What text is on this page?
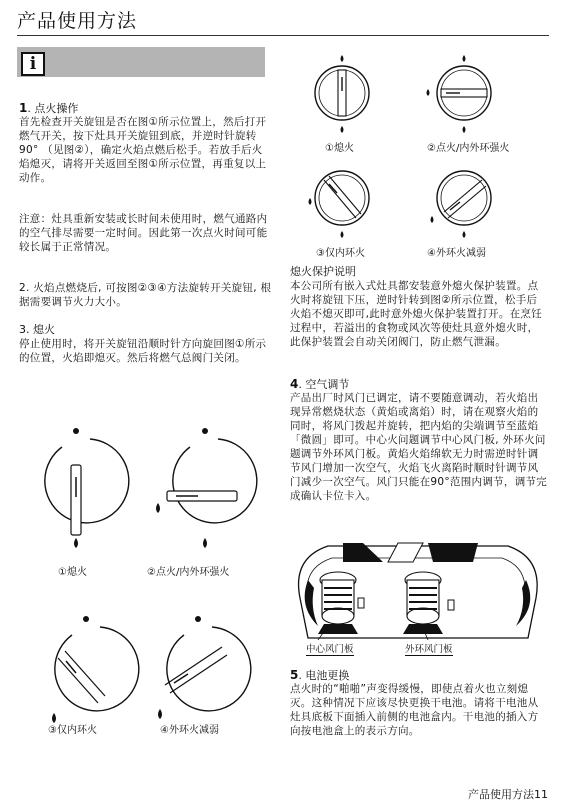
产品使用方法
i
1. 点火操作
首先检查开关旋钮是否在图①所示位置上，然后打开燃气开关，按下灶具开关旋钮到底，并逆时针旋转90° （见图②），确定火焰点燃后松手。若放手后火焰熄灭，请将开关返回至图①所示位置，再重复以上动作。
注意：灶具重新安装或长时间未使用时，燃气通路内的空气排尽需要一定时间。因此第一次点火时间可能较长属于正常情况。
2. 火焰点燃烧后, 可按图②③④方法旋转开关旋钮, 根据需要调节火力大小。
3. 熄火
停止使用时，将开关旋钮沿顺时针方向旋回图①所示的位置，火焰即熄灭。然后将燃气总阀门关闭。
①熄火	②点火/内外环强火
③仅内环火	④外环火减弱
①熄火	②点火/内外环强火
③仅内环火	④外环火减弱
熄火保护说明
本公司所有嵌入式灶具都安装意外熄火保护装置。点火时将旋钮下压，逆时针转到图②所示位置，松手后火焰不熄灭即可,此时意外熄火保护装置打开。在烹饪过程中，若溢出的食物或风次等使灶具意外熄火时，此保护装置会自动关闭阀门，防止燃气泄漏。
4. 空气调节
产品出厂时风门已调定，请不要随意调动，若火焰出现异常燃烧状态（黄焰或离焰）时，请在观察火焰的同时，将风门拨起并旋转，把内焰的尖端调节至蓝焰「微圆」即可。中心火问题调节中心风门板, 外环火问题调节外环风门板。黄焰火焰绵软无力时需逆时针调节风门增加一次空气，火焰飞火离陷时顺时针调节风门减少一次空气。风门只能在90°范围内调节，调节完成确认卡位卡入。
中心风门板	外环风门板
5. 电池更换
点火时的“啪啪”声变得缓慢，即使点着火也立刻熄灭。这种情况下应该尽快更换干电池。请将干电池从灶具底板下面插入前侧的电池盒内。干电池的插入方向按电池盒上的表示方向。
产品使用方法11
